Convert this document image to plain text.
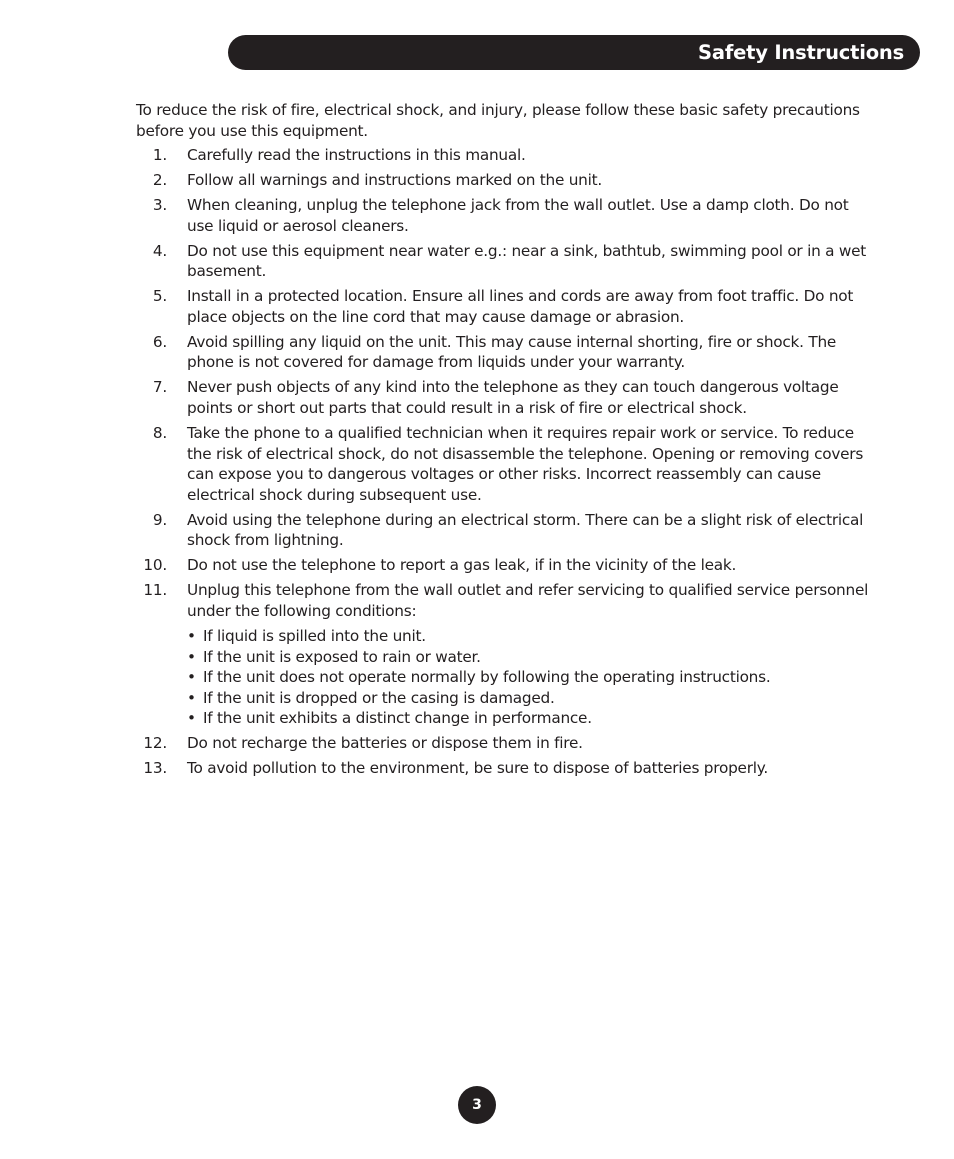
Safety Instructions

To reduce the risk of fire, electrical shock, and injury, please follow these basic safety precautions before you use this equipment.

1.	Carefully read the instructions in this manual.
2.	Follow all warnings and instructions marked on the unit.
3.	When cleaning, unplug the telephone jack from the wall outlet. Use a damp cloth. Do not use liquid or aerosol cleaners.
4.	Do not use this equipment near water e.g.: near a sink, bathtub, swimming pool or in a wet basement.
5.	Install in a protected location. Ensure all lines and cords are away from foot traffic. Do not place objects on the line cord that may cause damage or abrasion.
6.	Avoid spilling any liquid on the unit. This may cause internal shorting, fire or shock. The phone is not covered for damage from liquids under your warranty.
7.	Never push objects of any kind into the telephone as they can touch dangerous voltage points or short out parts that could result in a risk of fire or electrical shock.
8.	Take the phone to a qualified technician when it requires repair work or service. To reduce the risk of electrical shock, do not disassemble the telephone. Opening or removing covers can expose you to dangerous voltages or other risks. Incorrect reassembly can cause electrical shock during subsequent use.
9.	Avoid using the telephone during an electrical storm. There can be a slight risk of electrical shock from lightning.
10.	Do not use the telephone to report a gas leak, if in the vicinity of the leak.
11.	Unplug this telephone from the wall outlet and refer servicing to qualified service personnel under the following conditions:
• If liquid is spilled into the unit.
• If the unit is exposed to rain or water.
• If the unit does not operate normally by following the operating instructions.
• If the unit is dropped or the casing is damaged.
• If the unit exhibits a distinct change in performance.
12.	Do not recharge the batteries or dispose them in fire.
13.	To avoid pollution to the environment, be sure to dispose of batteries properly.
3
